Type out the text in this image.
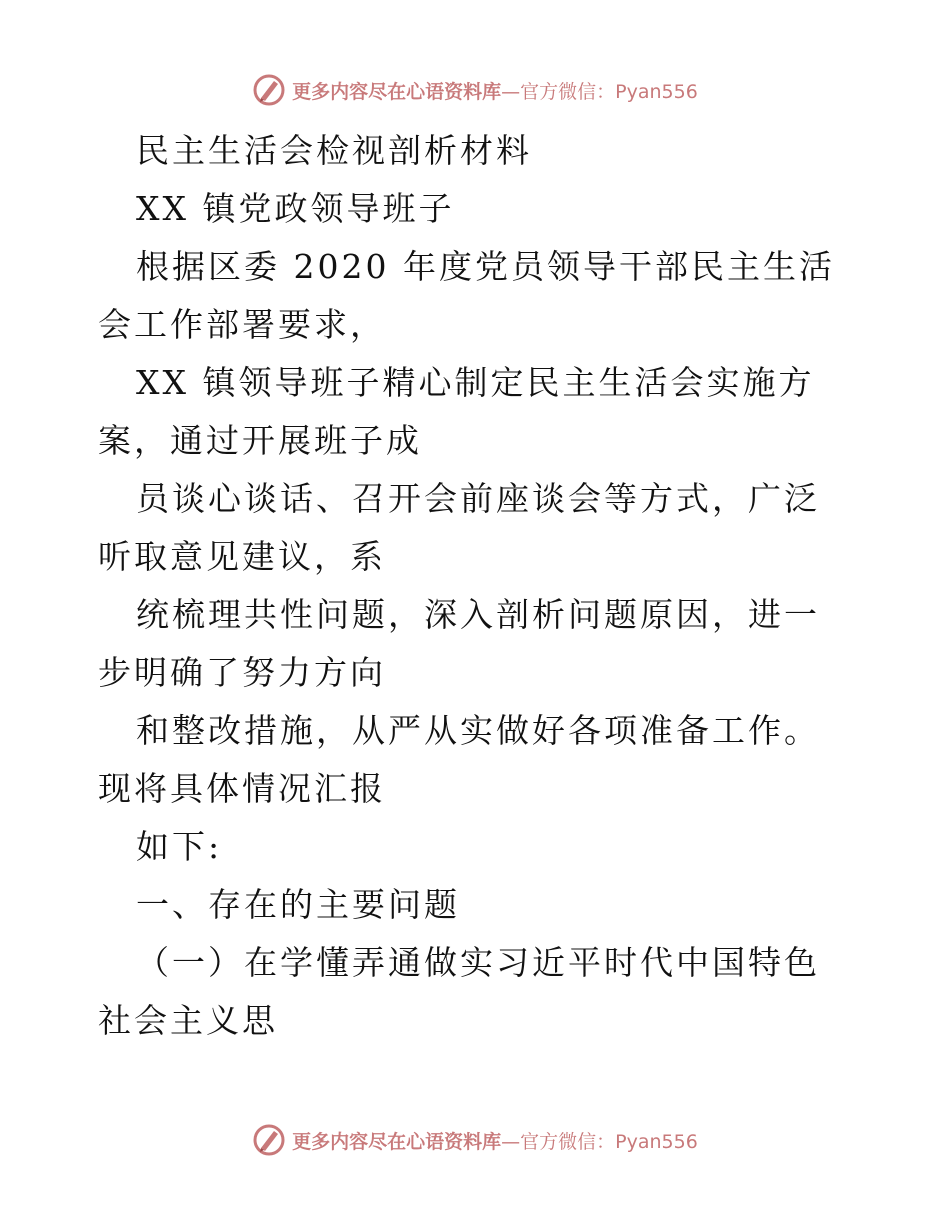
更多内容尽在心语资料库—官方微信：Pyan556

民主生活会检视剖析材料

XX 镇党政领导班子

根据区委 2020 年度党员领导干部民主生活会工作部署要求，

XX 镇领导班子精心制定民主生活会实施方案，通过开展班子成

员谈心谈话、召开会前座谈会等方式，广泛听取意见建议，系

统梳理共性问题，深入剖析问题原因，进一步明确了努力方向

和整改措施，从严从实做好各项准备工作。现将具体情况汇报

如下:

一、存在的主要问题

（一）在学懂弄通做实习近平时代中国特色社会主义思

更多内容尽在心语资料库—官方微信：Pyan556
